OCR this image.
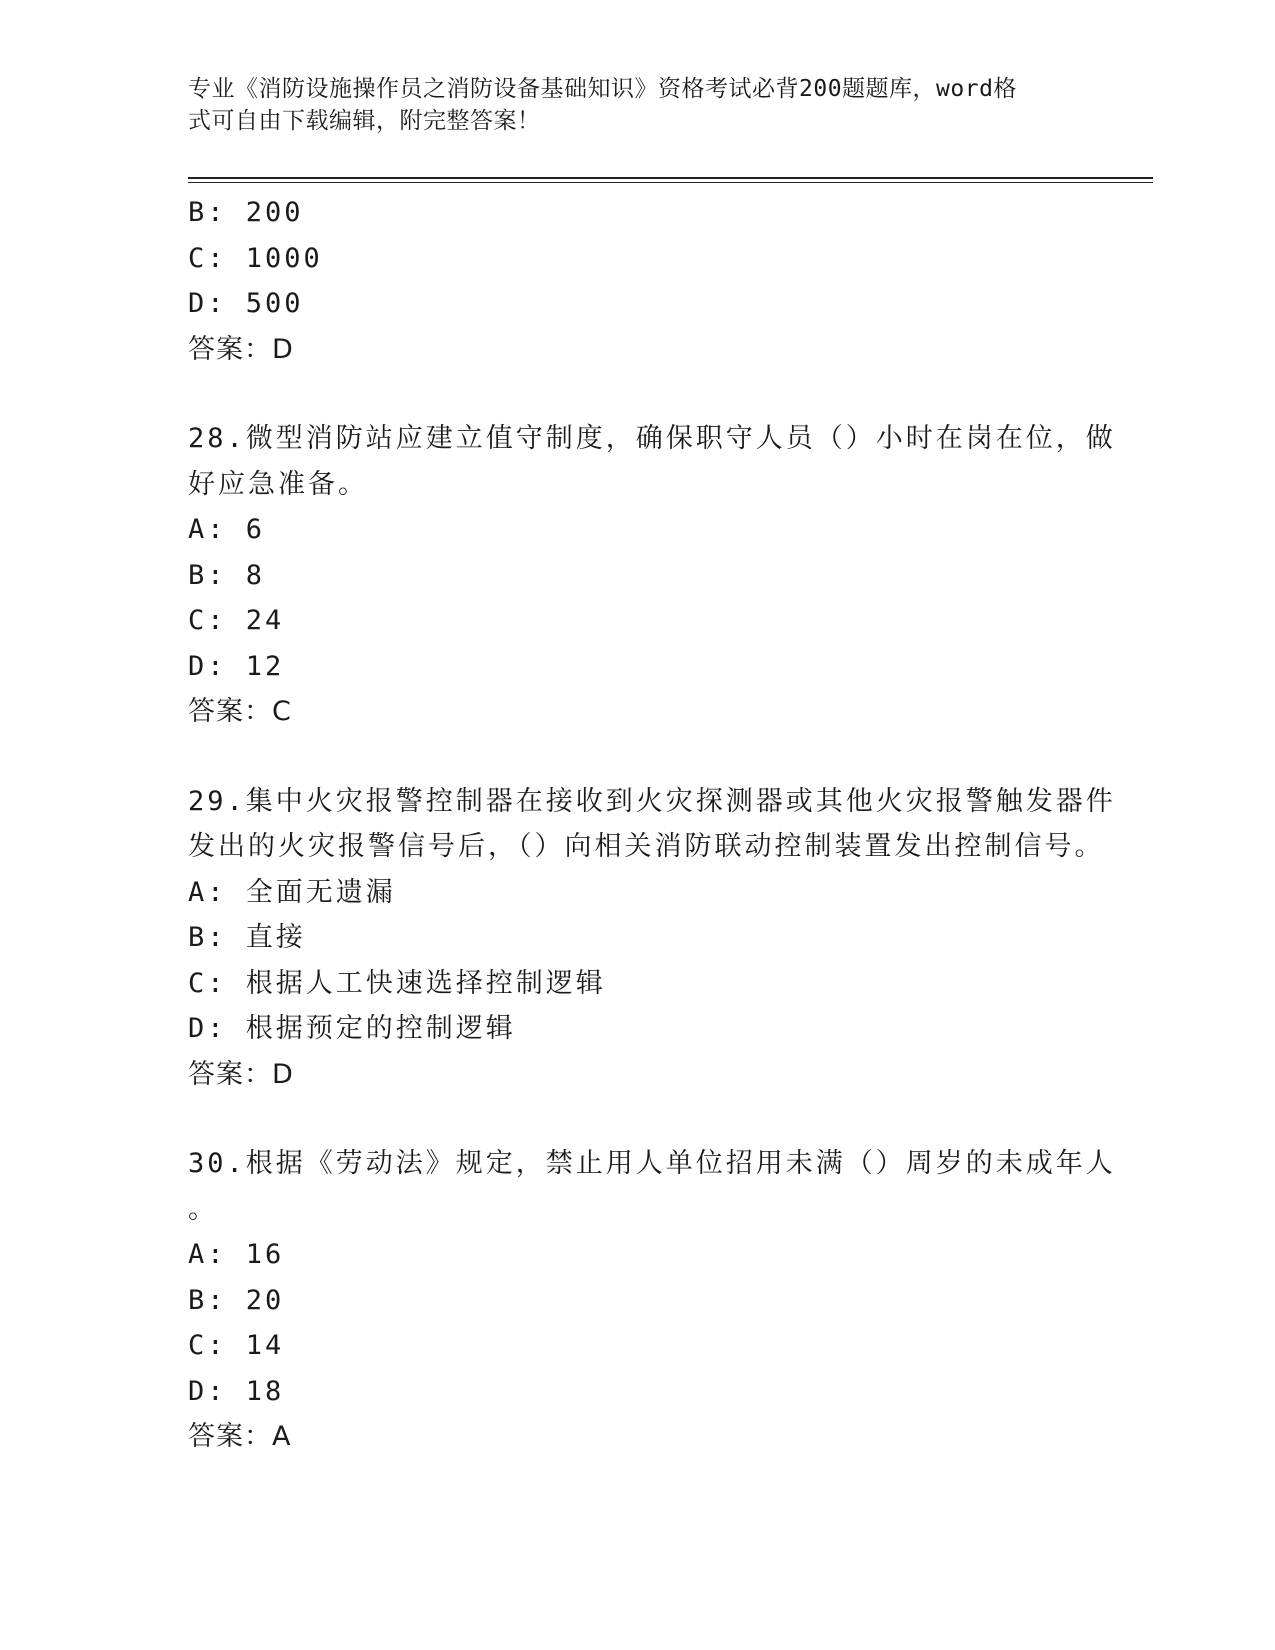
专业《消防设施操作员之消防设备基础知识》资格考试必背200题题库，word格
式可自由下载编辑，附完整答案！
B: 200
C: 1000
D: 500
答案：D
28.微型消防站应建立值守制度，确保职守人员（）小时在岗在位，做
好应急准备。
A: 6
B: 8
C: 24
D: 12
答案：C
29.集中火灾报警控制器在接收到火灾探测器或其他火灾报警触发器件
发出的火灾报警信号后，（）向相关消防联动控制装置发出控制信号。
A: 全面无遗漏
B: 直接
C: 根据人工快速选择控制逻辑
D: 根据预定的控制逻辑
答案：D
30.根据《劳动法》规定，禁止用人单位招用未满（）周岁的未成年人
。
A: 16
B: 20
C: 14
D: 18
答案：A
